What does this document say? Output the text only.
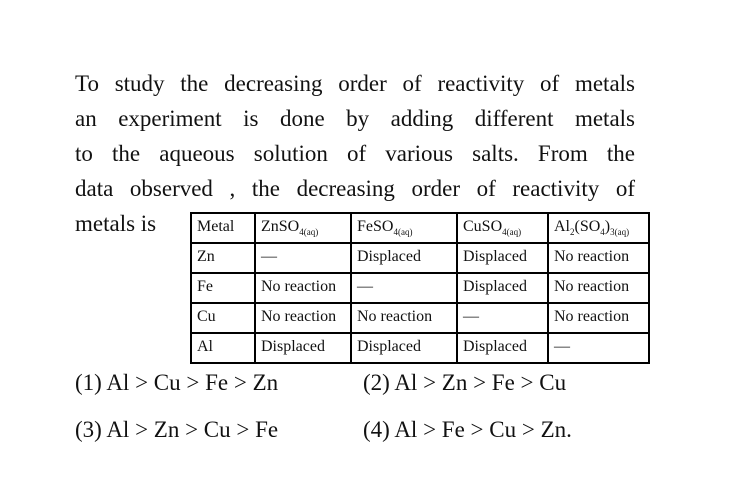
To study the decreasing order of reactivity of metals
an experiment is done by adding different metals
to the aqueous solution of various salts. From the
data observed , the decreasing order of reactivity of
metals is	Metal	ZnSO$_{4(aq)}$	FeSO$_{4(aq)}$	CuSO$_{4(aq)}$	$Al_2(SO_4)_{3(aq)}$
Zn	—	Displaced	Displaced	No reaction
Fe	No reaction	—	Displaced	No reaction
Cu	No reaction	No reaction	—	No reaction
Al	Displaced	Displaced	Displaced	—
(1) Al > Cu > Fe > Zn	(2) Al > Zn > Fe > Cu
(3) Al > Zn > Cu > Fe	(4) Al > Fe > Cu > Zn.
